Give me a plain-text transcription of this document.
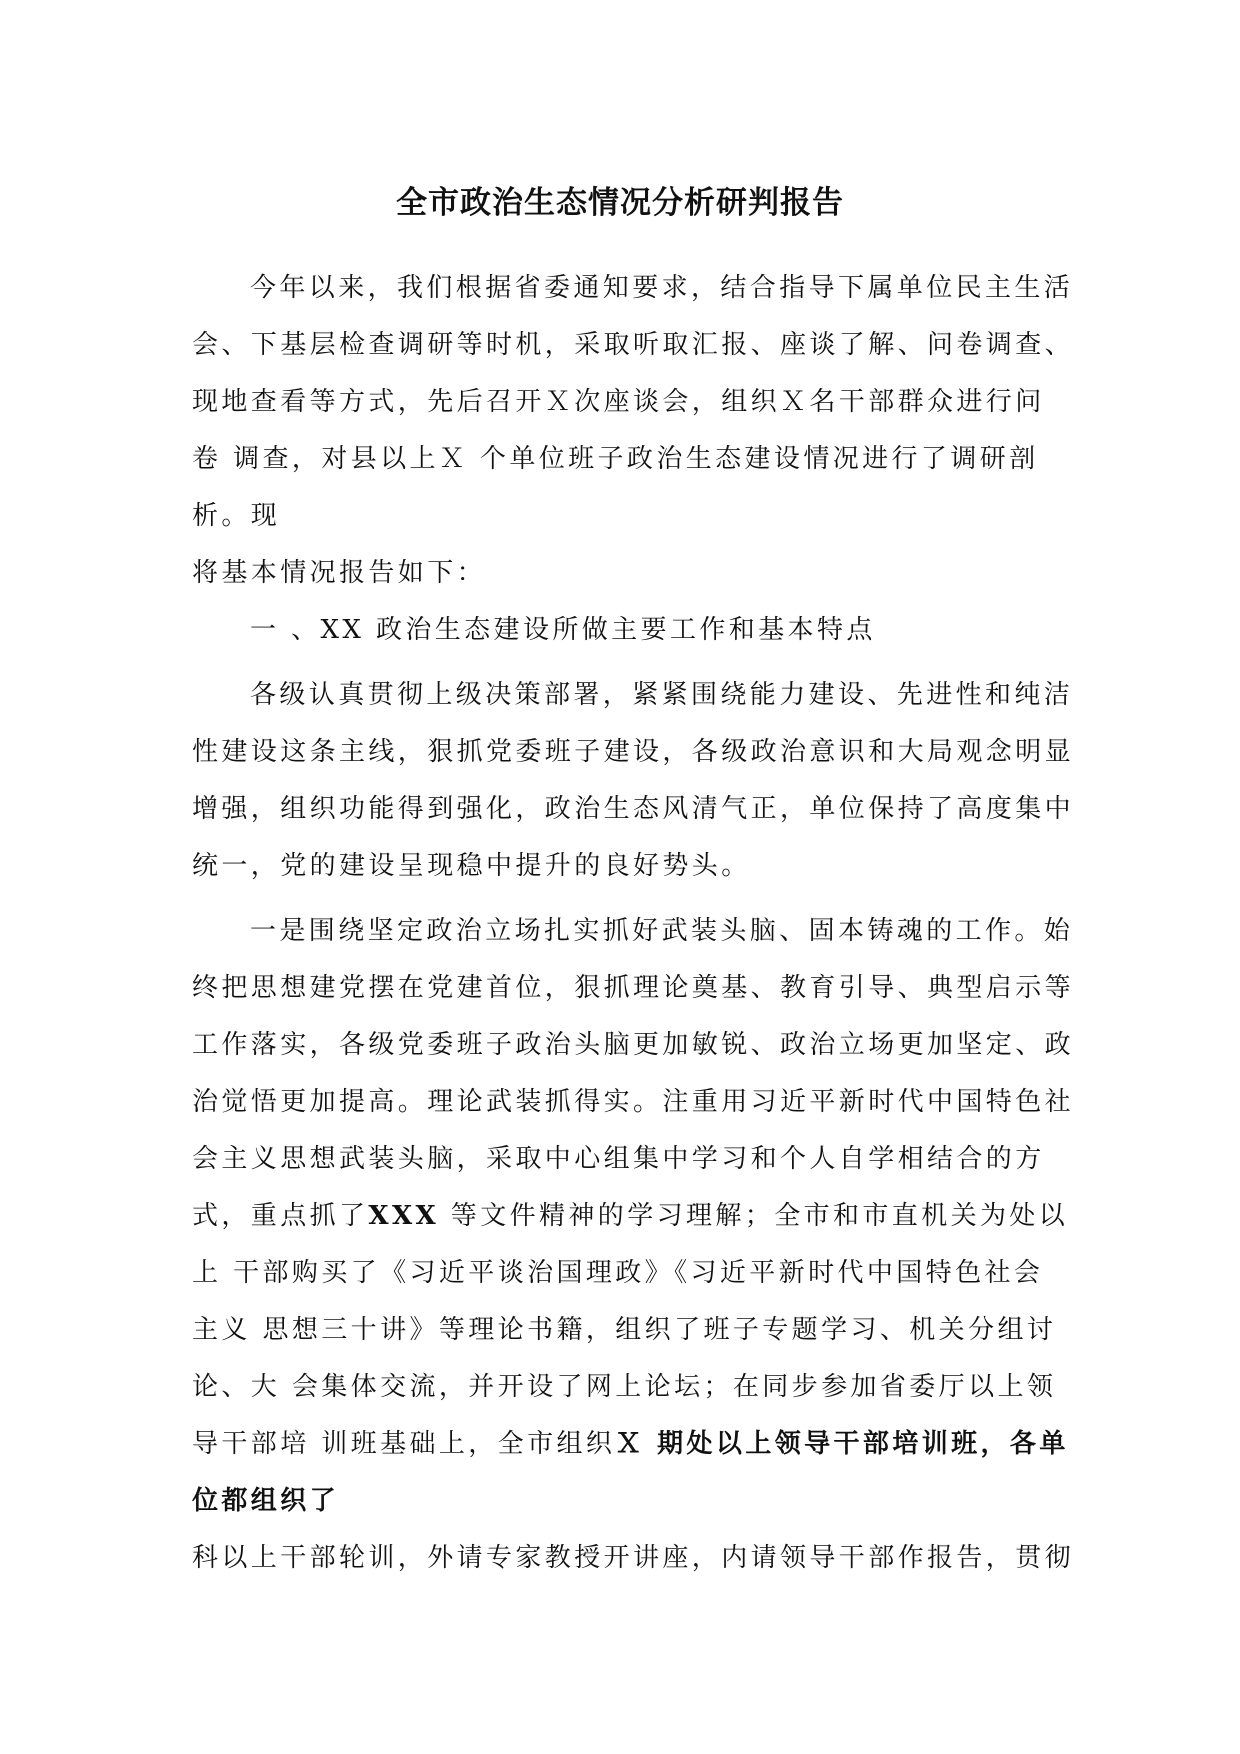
全市政治生态情况分析研判报告
今年以来，我们根据省委通知要求，结合指导下属单位民主生活
会、下基层检查调研等时机，采取听取汇报、座谈了解、问卷调查、
现地查看等方式，先后召开Ｘ次座谈会，组织Ｘ名干部群众进行问
卷 调查，对县以上Ｘ 个单位班子政治生态建设情况进行了调研剖
析。现
将基本情况报告如下：
一 、XX 政治生态建设所做主要工作和基本特点
各级认真贯彻上级决策部署，紧紧围绕能力建设、先进性和纯洁
性建设这条主线，狠抓党委班子建设，各级政治意识和大局观念明显
增强，组织功能得到强化，政治生态风清气正，单位保持了高度集中
统一，党的建设呈现稳中提升的良好势头。
一是围绕坚定政治立场扎实抓好武装头脑、固本铸魂的工作。始
终把思想建党摆在党建首位，狠抓理论奠基、教育引导、典型启示等
工作落实，各级党委班子政治头脑更加敏锐、政治立场更加坚定、政
治觉悟更加提高。理论武装抓得实。注重用习近平新时代中国特色社
会主义思想武装头脑，采取中心组集中学习和个人自学相结合的方
式，重点抓了XXX 等文件精神的学习理解；全市和市直机关为处以
上 干部购买了《习近平谈治国理政》《习近平新时代中国特色社会
主义 思想三十讲》等理论书籍，组织了班子专题学习、机关分组讨
论、大 会集体交流，并开设了网上论坛；在同步参加省委厅以上领
导干部培 训班基础上，全市组织Ｘ 期处以上领导干部培训班，各单
位都组织了
科以上干部轮训，外请专家教授开讲座，内请领导干部作报告，贯彻
